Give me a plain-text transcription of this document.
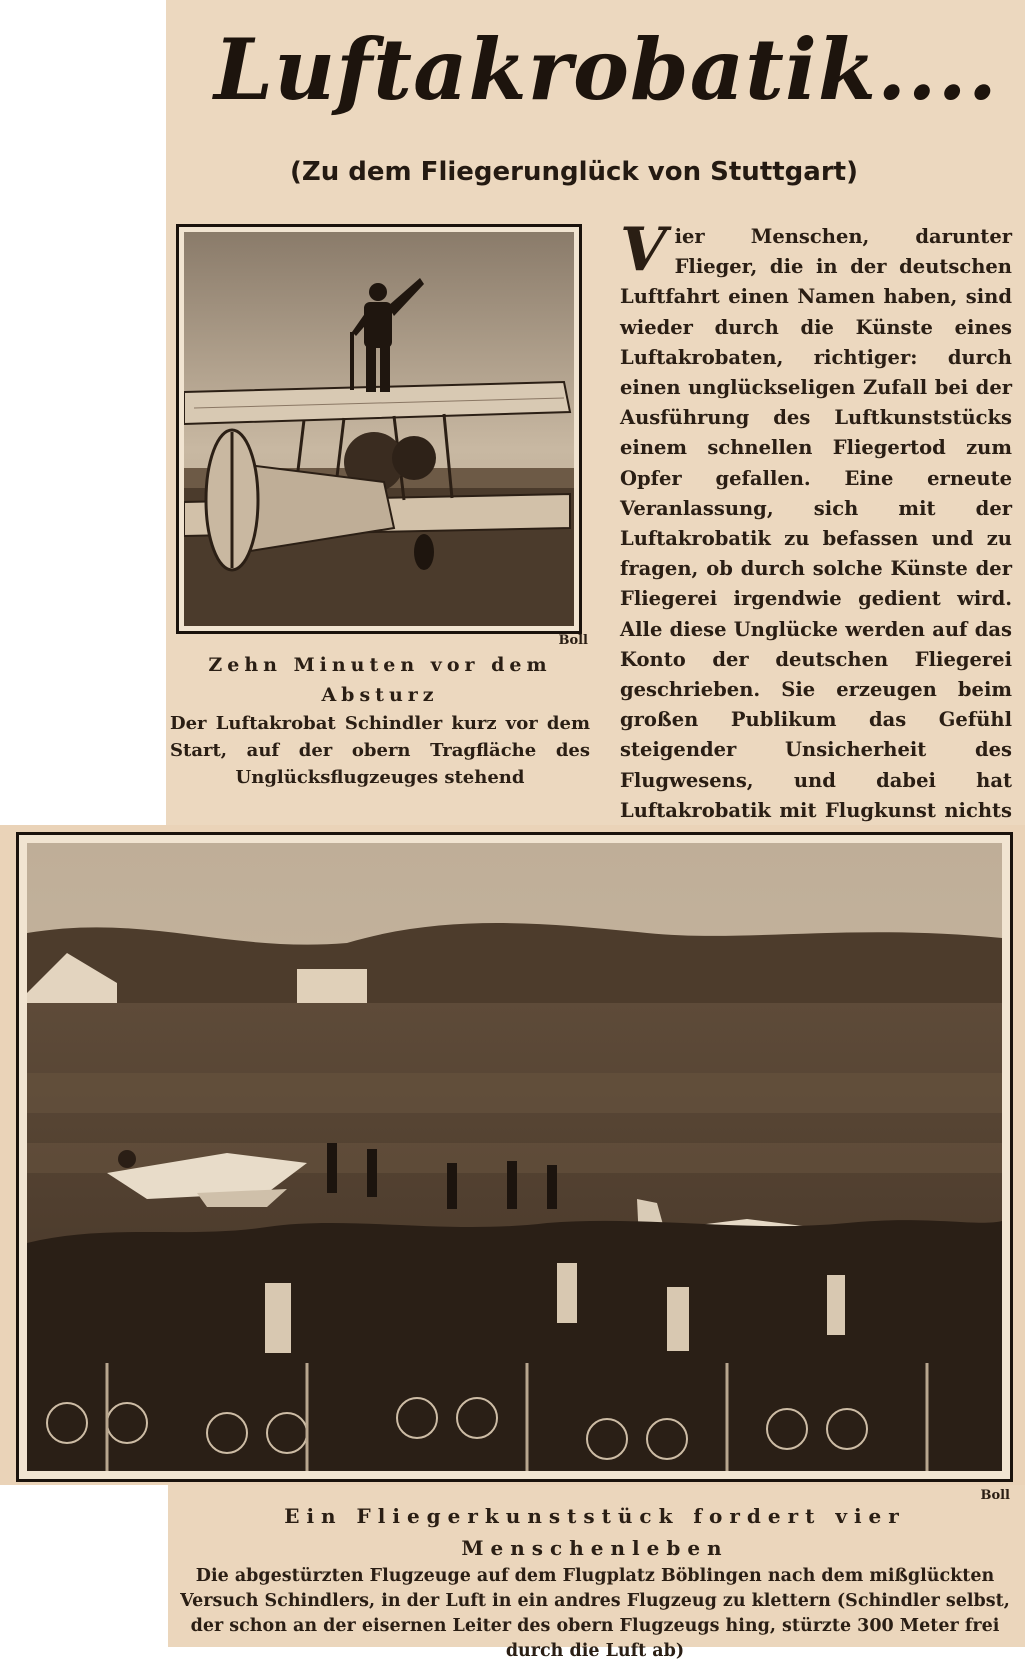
Luftakrobatik....
(Zu dem Fliegerunglück von Stuttgart)
Boll
Zehn Minuten vor dem Absturz
Der Luftakrobat Schindler kurz vor dem Start, auf der obern Tragfläche des Unglücksflugzeuges stehend
Vier Menschen, darunter Flieger, die in der deutschen Luftfahrt einen Namen haben, sind wieder durch die Künste eines Luftakrobaten, richtiger: durch einen unglückseligen Zufall bei der Ausführung des Luftkunststücks einem schnellen Fliegertod zum Opfer gefallen. Eine erneute Veranlassung, sich mit der Luftakrobatik zu befassen und zu fragen, ob durch solche Künste der Fliegerei irgendwie gedient wird. Alle diese Unglücke werden auf das Konto der deutschen Fliegerei geschrieben. Sie erzeugen beim großen Publikum das Gefühl steigender Unsicherheit des Flugwesens, und dabei hat Luftakrobatik mit Flugkunst nichts
Boll
Ein Fliegerkunststück fordert vier Menschenleben
Die abgestürzten Flugzeuge auf dem Flugplatz Böblingen nach dem mißglückten Versuch Schindlers, in der Luft in ein andres Flugzeug zu klettern (Schindler selbst, der schon an der eisernen Leiter des obern Flugzeugs hing, stürzte 300 Meter frei durch die Luft ab)
